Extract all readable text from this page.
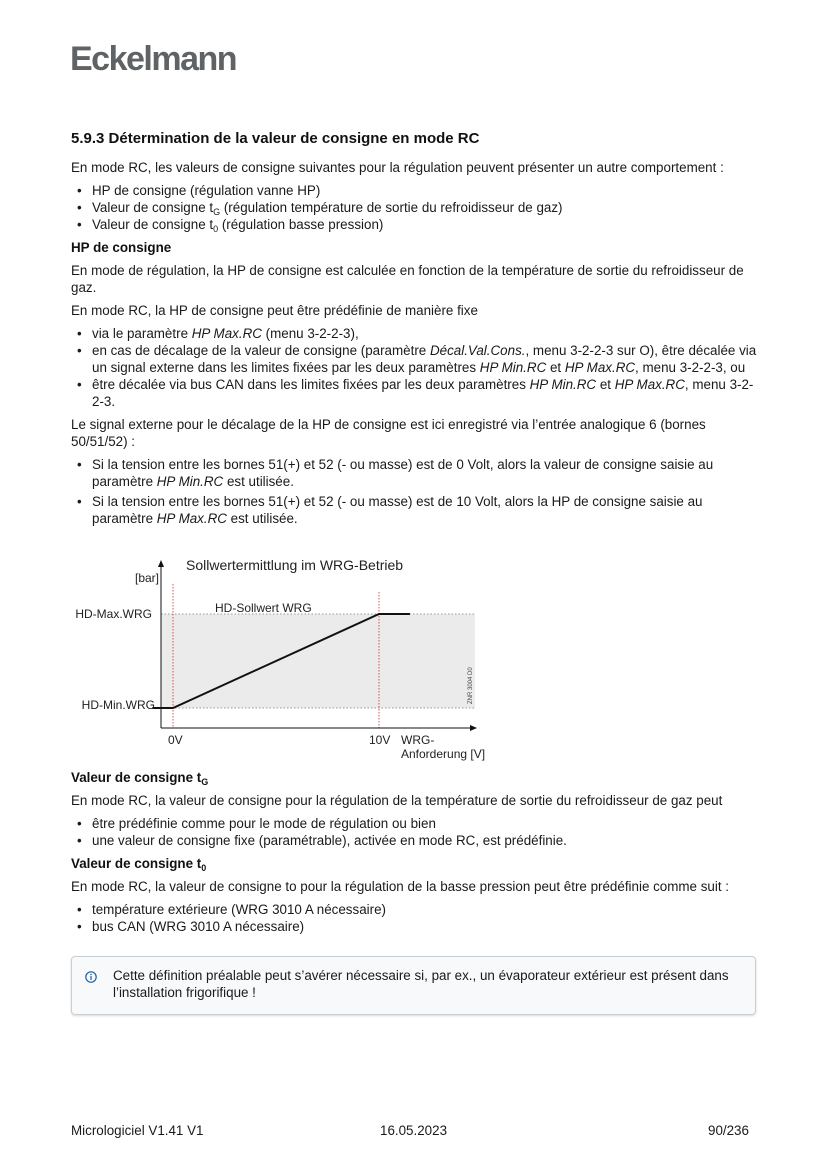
Eckelmann
5.9.3 Détermination de la valeur de consigne en mode RC

En mode RC, les valeurs de consigne suivantes pour la régulation peuvent présenter un autre comportement :

• HP de consigne (régulation vanne HP)
• Valeur de consigne $t_G$ (régulation température de sortie du refroidisseur de gaz)
• Valeur de consigne $t_0$ (régulation basse pression)
HP de consigne

En mode de régulation, la HP de consigne est calculée en fonction de la température de sortie du refroidisseur de gaz.

En mode RC, la HP de consigne peut être prédéfinie de manière fixe

• via le paramètre HP Max.RC (menu 3-2-2-3),
• en cas de décalage de la valeur de consigne (paramètre Décal.Val.Cons., menu 3-2-2-3 sur O), être décalée via un signal externe dans les limites fixées par les deux paramètres HP Min.RC et HP Max.RC, menu 3-2-2-3, ou
• être décalée via bus CAN dans les limites fixées par les deux paramètres HP Min.RC et HP Max.RC, menu 3-2-2-3.

Le signal externe pour le décalage de la HP de consigne est ici enregistré via l’entrée analogique 6 (bornes 50/51/52) :

• Si la tension entre les bornes 51(+) et 52 (- ou masse) est de 0 Volt, alors la valeur de consigne saisie au paramètre HP Min.RC est utilisée.
• Si la tension entre les bornes 51(+) et 52 (- ou masse) est de 10 Volt, alors la HP de consigne saisie au paramètre HP Max.RC est utilisée.
Sollwertermittlung im WRG-Betrieb
[bar]
HD-Sollwert WRG
HD-Max.WRG
HD-Min.WRG
0V	10V WRG-
Anforderung [V]
ZNR 3004 D0
Valeur de consigne $t_G$

En mode RC, la valeur de consigne pour la régulation de la température de sortie du refroidisseur de gaz peut

• être prédéfinie comme pour le mode de régulation ou bien
• une valeur de consigne fixe (paramétrable), activée en mode RC, est prédéfinie.
Valeur de consigne $t_0$

En mode RC, la valeur de consigne to pour la régulation de la basse pression peut être prédéfinie comme suit :

• température extérieure (WRG 3010 A nécessaire)
• bus CAN (WRG 3010 A nécessaire)
Cette définition préalable peut s’avérer nécessaire si, par ex., un évaporateur extérieur est présent dans l’installation frigorifique !
Micrologiciel V1.41 V1	16.05.2023	90/236
